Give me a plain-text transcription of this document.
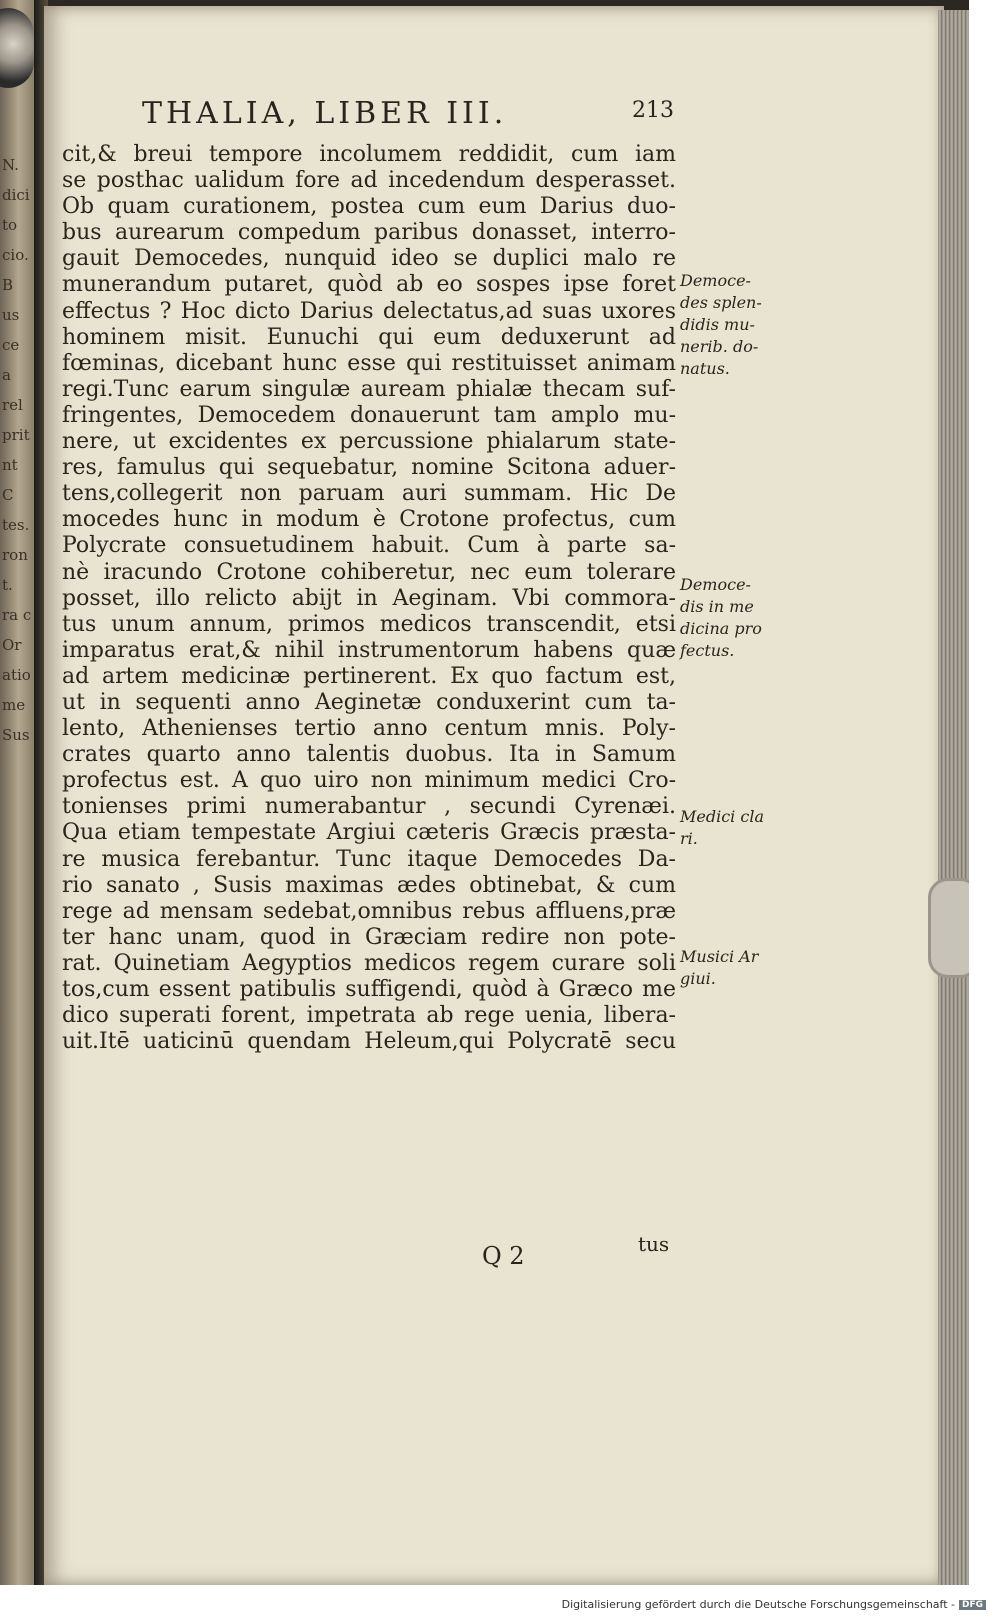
N. dicito cio.B us ce a rel prit nt C tes. ront. ra c Or atio me Sus
THALIA, LIBER III.	213
cit,& breui tempore incolumem reddidit, cum iam
se posthac ualidum fore ad incedendum desperasset.
Ob quam curationem, postea cum eum Darius duo-
bus aurearum compedum paribus donasset, interro-
gauit Democedes, nunquid ideo se duplici malo re
munerandum putaret, quòd ab eo sospes ipse foret
effectus ? Hoc dicto Darius delectatus,ad suas uxores
hominem misit. Eunuchi qui eum deduxerunt ad
fœminas, dicebant hunc esse qui restituisset animam
regi.Tunc earum singulæ auream phialæ thecam suf-
fringentes, Democedem donauerunt tam amplo mu-
nere, ut excidentes ex percussione phialarum state-
res, famulus qui sequebatur, nomine Scitona aduer-
tens,collegerit non paruam auri summam. Hic De
mocedes hunc in modum è Crotone profectus, cum
Polycrate consuetudinem habuit. Cum à parte sa-
nè iracundo Crotone cohiberetur, nec eum tolerare
posset, illo relicto abijt in Aeginam. Vbi commora-
tus unum annum, primos medicos transcendit, etsi
imparatus erat,& nihil instrumentorum habens quæ
ad artem medicinæ pertinerent. Ex quo factum est,
ut in sequenti anno Aeginetæ conduxerint cum ta-
lento, Athenienses tertio anno centum mnis. Poly-
crates quarto anno talentis duobus. Ita in Samum
profectus est. A quo uiro non minimum medici Cro-
tonienses primi numerabantur , secundi Cyrenæi.
Qua etiam tempestate Argiui cæteris Græcis præsta-
re musica ferebantur. Tunc itaque Democedes Da-
rio sanato , Susis maximas ædes obtinebat, & cum
rege ad mensam sedebat,omnibus rebus affluens,præ
ter hanc unam, quod in Græciam redire non pote-
rat. Quinetiam Aegyptios medicos regem curare soli
tos,cum essent patibulis suffigendi, quòd à Græco me
dico superati forent, impetrata ab rege uenia, libera-
uit.Itē uaticinū quendam Heleum,qui Polycratē secu
Democe-
des splen-
didis mu-
nerib. do-
natus.
Democe-
dis in me
dicina pro
fectus.
Medici cla
ri.
Musici Ar
giui.
Q 2	tus
Digitalisierung gefördert durch die Deutsche Forschungsgemeinschaft - DFG
